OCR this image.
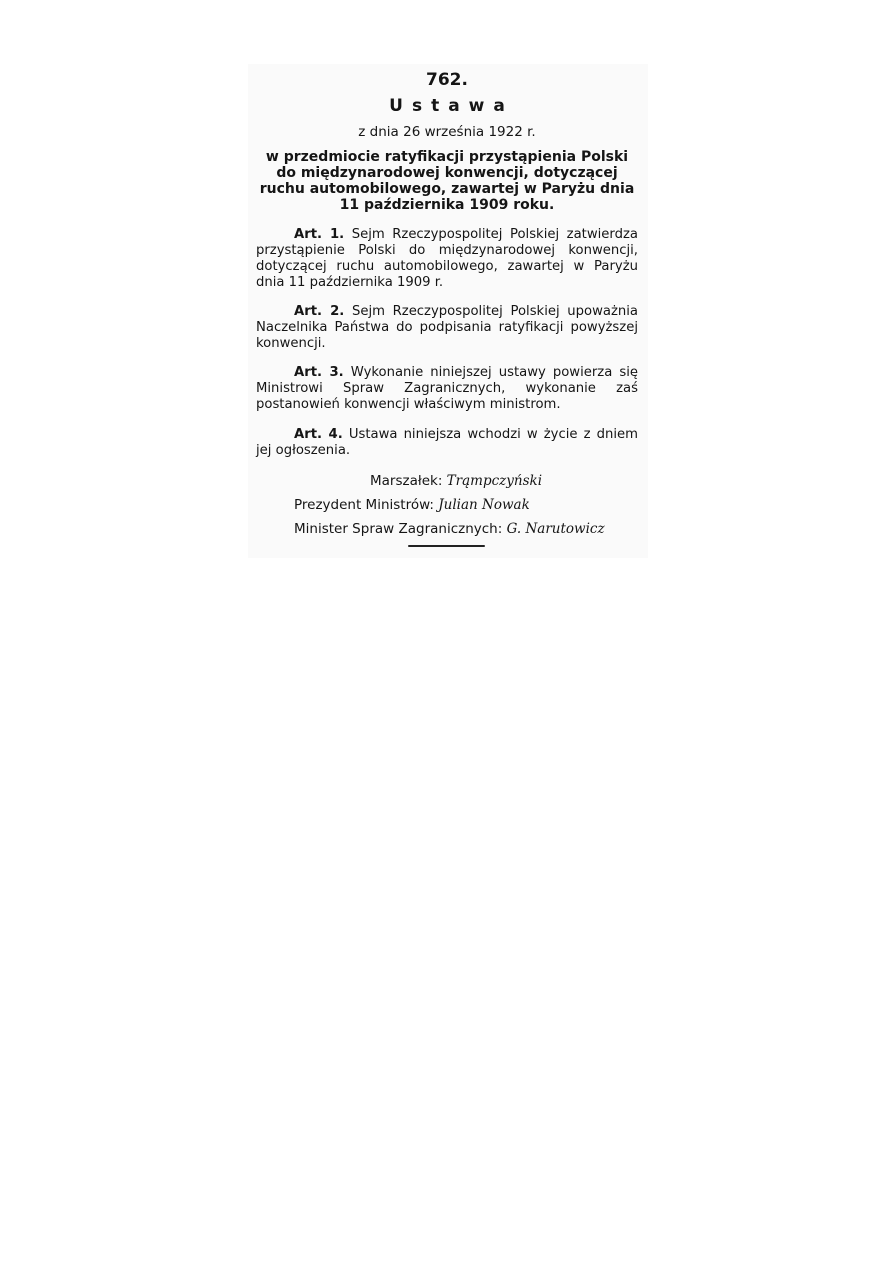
762.
Ustawa
z dnia 26 września 1922 r.
w przedmiocie ratyfikacji przystąpienia Polski do międzynarodowej konwencji, dotyczącej ruchu automobilowego, zawartej w Paryżu dnia 11 października 1909 roku.

Art. 1. Sejm Rzeczypospolitej Polskiej zatwierdza przystąpienie Polski do międzynarodowej konwencji, dotyczącej ruchu automobilowego, zawartej w Paryżu dnia 11 października 1909 r.

Art. 2. Sejm Rzeczypospolitej Polskiej upoważnia Naczelnika Państwa do podpisania ratyfikacji powyższej konwencji.

Art. 3. Wykonanie niniejszej ustawy powierza się Ministrowi Spraw Zagranicznych, wykonanie zaś postanowień konwencji właściwym ministrom.

Art. 4. Ustawa niniejsza wchodzi w życie z dniem jej ogłoszenia.

Marszałek: Trąmpczyński
Prezydent Ministrów: Julian Nowak
Minister Spraw Zagranicznych: G. Narutowicz
